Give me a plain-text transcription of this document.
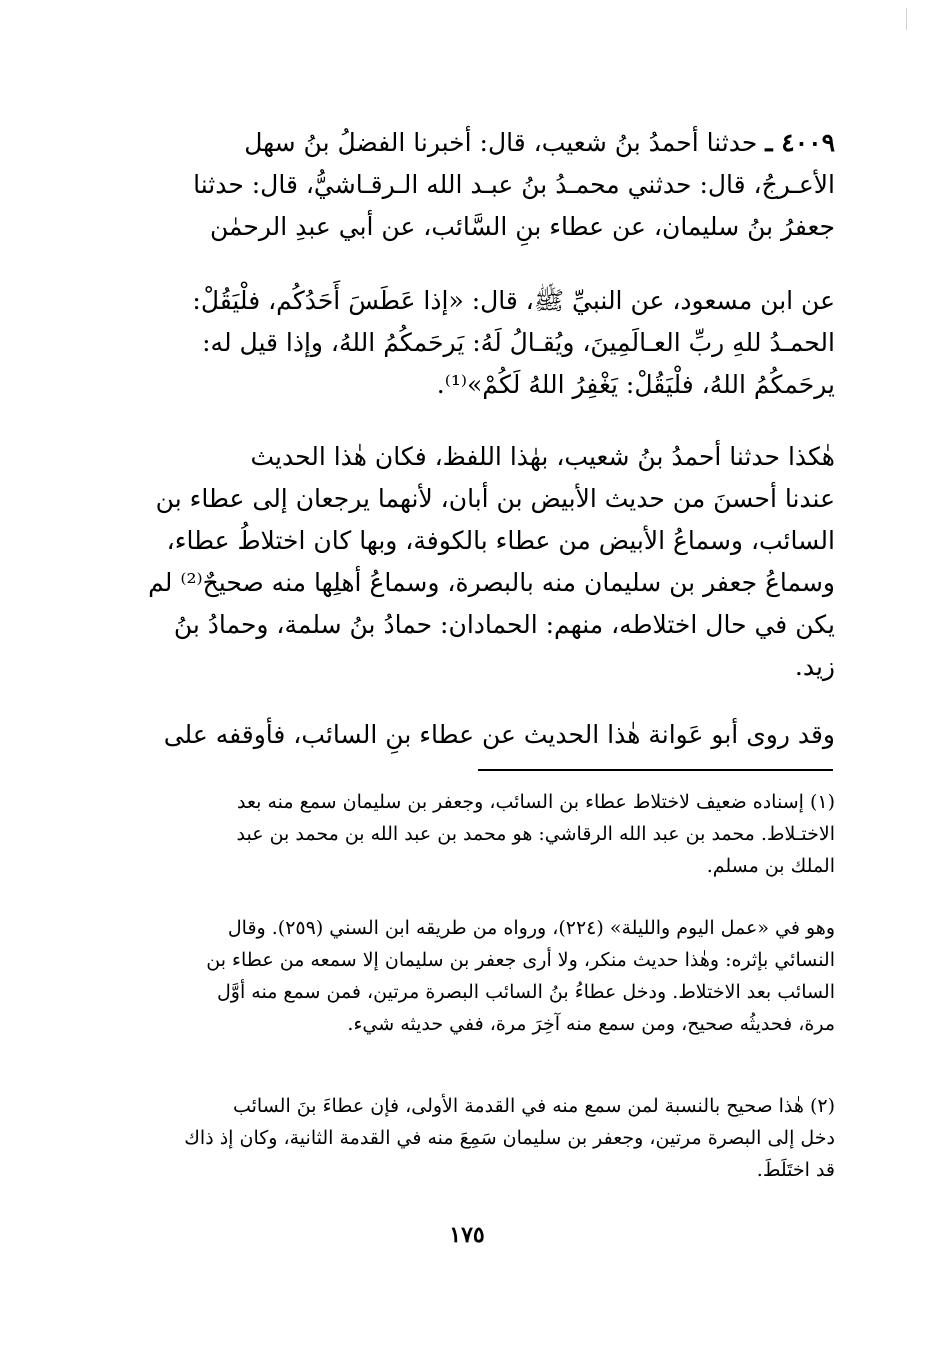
٤٠٠٩ ـ حدثنا أحمدُ بنُ شعيب، قال: أخبرنا الفضلُ بنُ سهل
الأعـرجُ، قال: حدثني محمـدُ بنُ عبـد الله الـرقـاشيُّ، قال: حدثنا
جعفرُ بنُ سليمان، عن عطاء بنِ السَّائب، عن أبي عبدِ الرحمٰن
عن ابن مسعود، عن النبيِّ ﷺ، قال: «إذا عَطَسَ أَحَدُكُم، فلْيَقُلْ:
الحمـدُ للهِ ربِّ العـالَمِينَ، ويُقـالُ لَهُ: يَرحَمكُمُ اللهُ، وإذا قيل له:
يرحَمكُمُ اللهُ، فلْيَقُلْ: يَغْفِرُ اللهُ لَكُمْ»⁽¹⁾.
هٰكذا حدثنا أحمدُ بنُ شعيب، بهٰذا اللفظ، فكان هٰذا الحديث
عندنا أحسنَ من حديث الأبيض بن أبان، لأنهما يرجعان إلى عطاء بن
السائب، وسماعُ الأبيض من عطاء بالكوفة، وبها كان اختلاطُ عطاء،
وسماعُ جعفر بن سليمان منه بالبصرة، وسماعُ أهلِها منه صحيحٌ⁽²⁾ لم
يكن في حال اختلاطه، منهم: الحمادان: حمادُ بنُ سلمة، وحمادُ بنُ
زيد.
وقد روى أبو عَوانة هٰذا الحديث عن عطاء بنِ السائب، فأوقفه على
(١) إسناده ضعيف لاختلاط عطاء بن السائب، وجعفر بن سليمان سمع منه بعد
الاختـلاط. محمد بن عبد الله الرقاشي: هو محمد بن عبد الله بن محمد بن عبد
الملك بن مسلم.
وهو في «عمل اليوم والليلة» (٢٢٤)، ورواه من طريقه ابن السني (٢٥٩). وقال
النسائي بإثره: وهٰذا حديث منكر، ولا أرى جعفر بن سليمان إلا سمعه من عطاء بن
السائب بعد الاختلاط. ودخل عطاءُ بنُ السائب البصرة مرتين، فمن سمع منه أوَّل
مرة، فحديثُه صحيح، ومن سمع منه آخِرَ مرة، ففي حديثه شيء.
(٢) هٰذا صحيح بالنسبة لمن سمع منه في القدمة الأولى، فإن عطاءَ بنَ السائب
دخل إلى البصرة مرتين، وجعفر بن سليمان سَمِعَ منه في القدمة الثانية، وكان إذ ذاك
قد اختَلَطَ.
١٧٥
